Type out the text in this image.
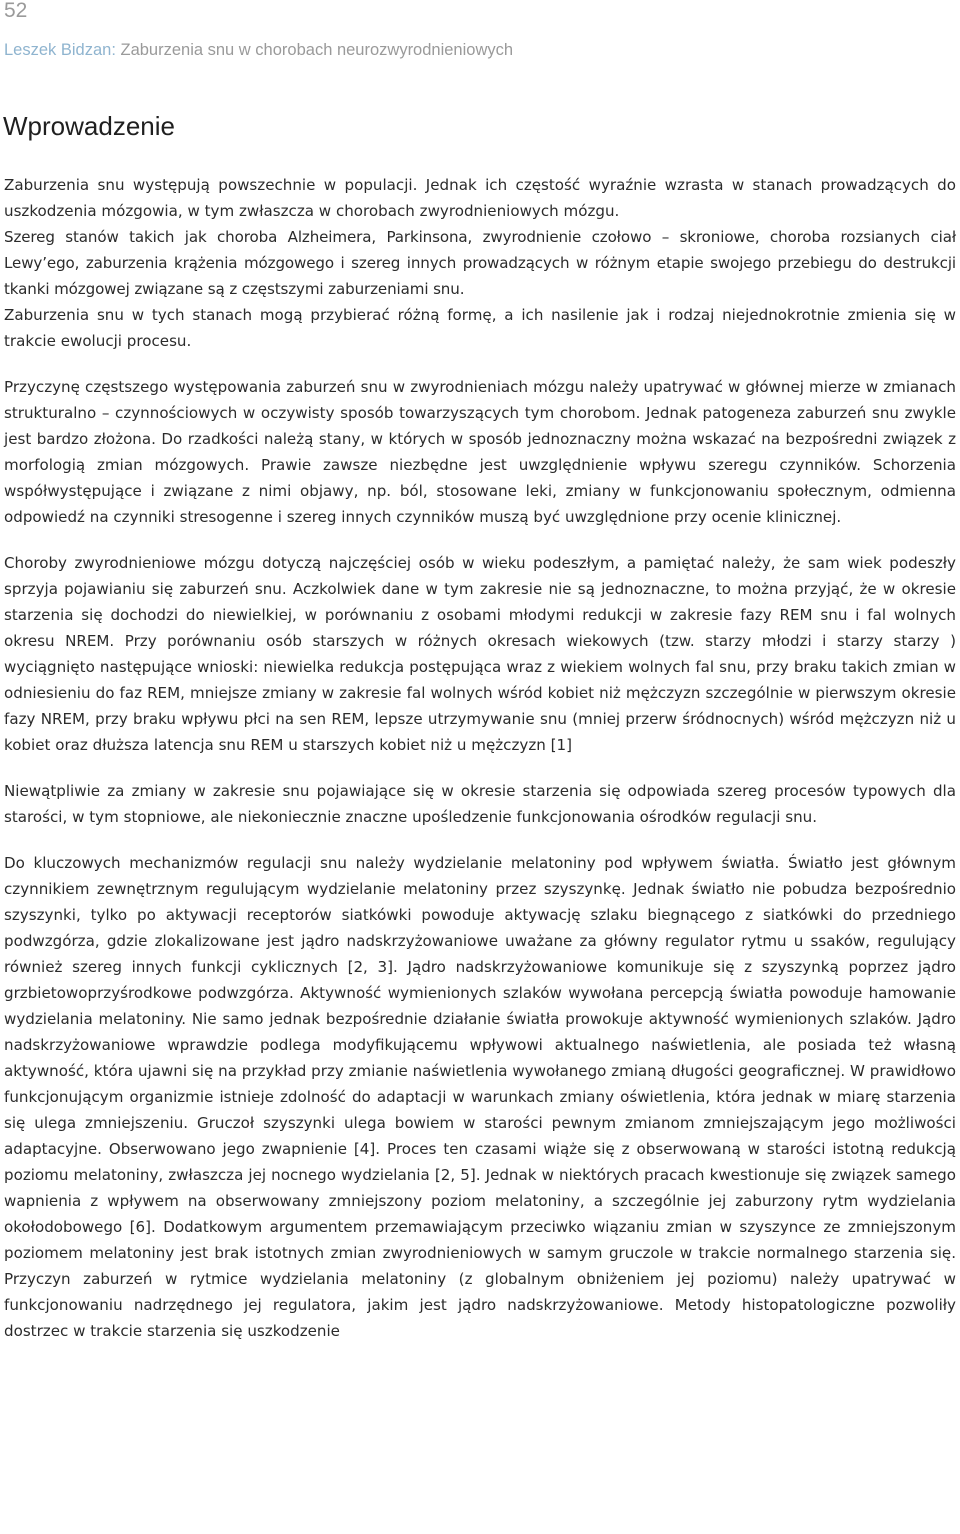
52
Leszek Bidzan: Zaburzenia snu w chorobach neurozwyrodnieniowych
Wprowadzenie

Zaburzenia snu występują powszechnie w populacji. Jednak ich częstość wyraźnie wzrasta w stanach prowadzących do uszkodzenia mózgowia, w tym zwłaszcza w chorobach zwyrodnieniowych mózgu.

Szereg stanów takich jak choroba Alzheimera, Parkinsona, zwyrodnienie czołowo – skroniowe, choroba rozsianych ciał Lewy’ego, zaburzenia krążenia mózgowego i szereg innych prowadzących w różnym etapie swojego przebiegu do destrukcji tkanki mózgowej związane są z częstszymi zaburzeniami snu.

Zaburzenia snu w tych stanach mogą przybierać różną formę, a ich nasilenie jak i rodzaj niejednokrotnie zmienia się w trakcie ewolucji procesu.

Przyczynę częstszego występowania zaburzeń snu w zwyrodnieniach mózgu należy upatrywać w głównej mierze w zmianach strukturalno – czynnościowych w oczywisty sposób towarzyszących tym chorobom. Jednak patogeneza zaburzeń snu zwykle jest bardzo złożona. Do rzadkości należą stany, w których w sposób jednoznaczny można wskazać na bezpośredni związek z morfologią zmian mózgowych. Prawie zawsze niezbędne jest uwzględnienie wpływu szeregu czynników. Schorzenia współwystępujące i związane z nimi objawy, np. ból, stosowane leki, zmiany w funkcjonowaniu społecznym, odmienna odpowiedź na czynniki stresogenne i szereg innych czynników muszą być uwzględnione przy ocenie klinicznej.

Choroby zwyrodnieniowe mózgu dotyczą najczęściej osób w wieku podeszłym, a pamiętać należy, że sam wiek podeszły sprzyja pojawianiu się zaburzeń snu. Aczkolwiek dane w tym zakresie nie są jednoznaczne, to można przyjąć, że w okresie starzenia się dochodzi do niewielkiej, w porównaniu z osobami młodymi redukcji w zakresie fazy REM snu i fal wolnych okresu NREM. Przy porównaniu osób starszych w różnych okresach wiekowych (tzw. starzy młodzi i starzy starzy ) wyciągnięto następujące wnioski: niewielka redukcja postępująca wraz z wiekiem wolnych fal snu, przy braku takich zmian w odniesieniu do faz REM, mniejsze zmiany w zakresie fal wolnych wśród kobiet niż mężczyzn szczególnie w pierwszym okresie fazy NREM, przy braku wpływu płci na sen REM, lepsze utrzymywanie snu (mniej przerw śródnocnych) wśród mężczyzn niż u kobiet oraz dłuższa latencja snu REM u starszych kobiet niż u mężczyzn [1]

Niewątpliwie za zmiany w zakresie snu pojawiające się w okresie starzenia się odpowiada szereg procesów typowych dla starości, w tym stopniowe, ale niekoniecznie znaczne upośledzenie funkcjonowania ośrodków regulacji snu.

Do kluczowych mechanizmów regulacji snu należy wydzielanie melatoniny pod wpływem światła. Światło jest głównym czynnikiem zewnętrznym regulującym wydzielanie melatoniny przez szyszynkę. Jednak światło nie pobudza bezpośrednio szyszynki, tylko po aktywacji receptorów siatkówki powoduje aktywację szlaku biegnącego z siatkówki do przedniego podwzgórza, gdzie zlokalizowane jest jądro nadskrzyżowaniowe uważane za główny regulator rytmu u ssaków, regulujący również szereg innych funkcji cyklicznych [2, 3]. Jądro nadskrzyżowaniowe komunikuje się z szyszynką poprzez jądro grzbietowoprzyśrodkowe podwzgórza. Aktywność wymienionych szlaków wywołana percepcją światła powoduje hamowanie wydzielania melatoniny. Nie samo jednak bezpośrednie działanie światła prowokuje aktywność wymienionych szlaków. Jądro nadskrzyżowaniowe wprawdzie podlega modyfikującemu wpływowi aktualnego naświetlenia, ale posiada też własną aktywność, która ujawni się na przykład przy zmianie naświetlenia wywołanego zmianą długości geograficznej. W prawidłowo funkcjonującym organizmie istnieje zdolność do adaptacji w warunkach zmiany oświetlenia, która jednak w miarę starzenia się ulega zmniejszeniu. Gruczoł szyszynki ulega bowiem w starości pewnym zmianom zmniejszającym jego możliwości adaptacyjne. Obserwowano jego zwapnienie [4]. Proces ten czasami wiąże się z obserwowaną w starości istotną redukcją poziomu melatoniny, zwłaszcza jej nocnego wydzielania [2, 5]. Jednak w niektórych pracach kwestionuje się związek samego wapnienia z wpływem na obserwowany zmniejszony poziom melatoniny, a szczególnie jej zaburzony rytm wydzielania okołodobowego [6]. Dodatkowym argumentem przemawiającym przeciwko wiązaniu zmian w szyszynce ze zmniejszonym poziomem melatoniny jest brak istotnych zmian zwyrodnieniowych w samym gruczole w trakcie normalnego starzenia się. Przyczyn zaburzeń w rytmice wydzielania melatoniny (z globalnym obniżeniem jej poziomu) należy upatrywać w funkcjonowaniu nadrzędnego jej regulatora, jakim jest jądro nadskrzyżowaniowe. Metody histopatologiczne pozwoliły dostrzec w trakcie starzenia się uszkodzenie
